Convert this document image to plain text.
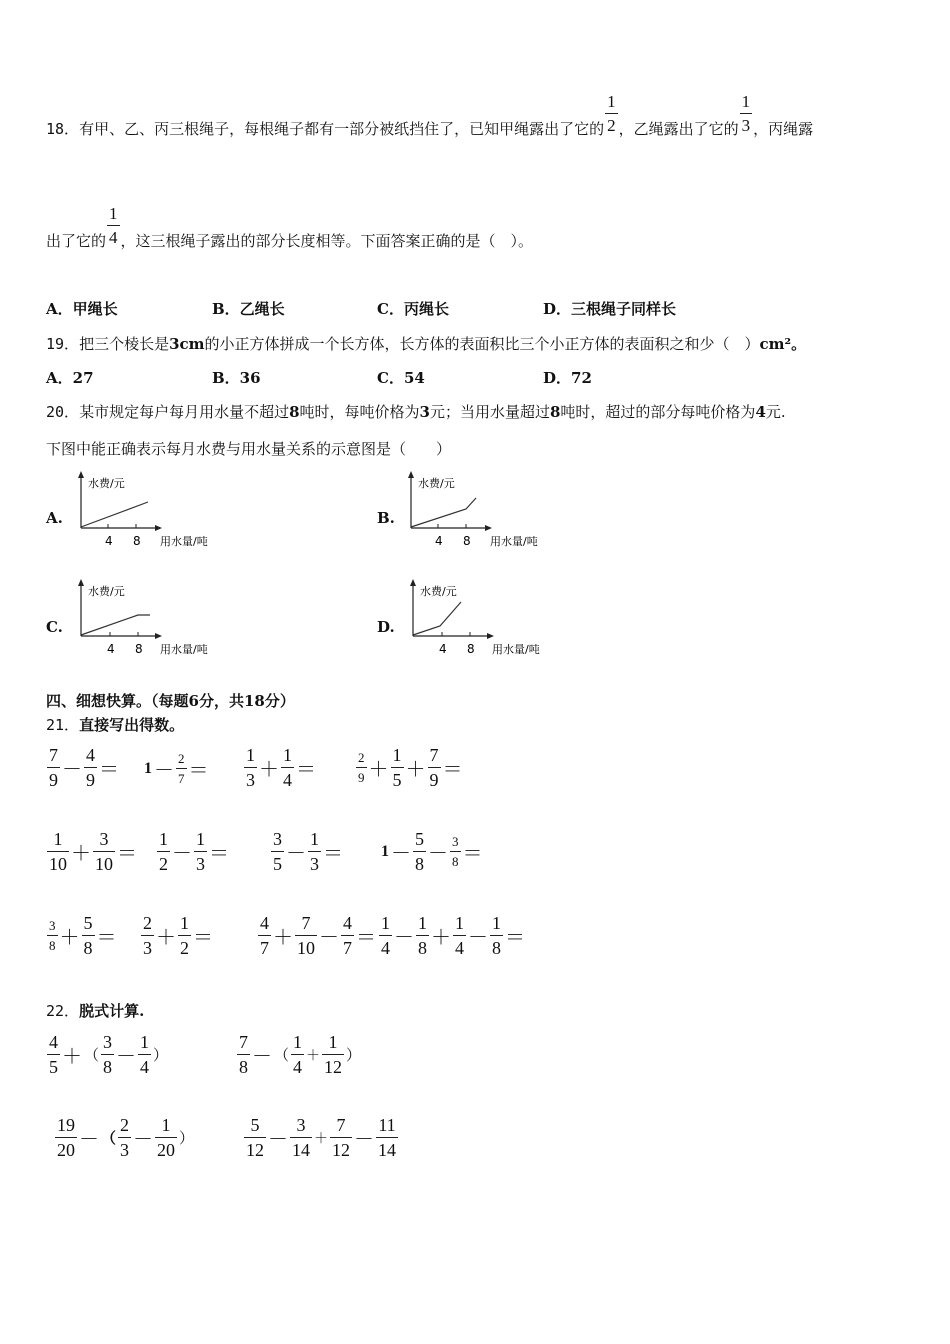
18． 有甲、乙、丙三根绳子，每根绳子都有一部分被纸挡住了，已知甲绳露出了它的 $\frac{1}{2}$ ，乙绳露出了它的 $\frac{1}{3}$ ，丙绳露
出了它的 $\frac{1}{4}$ ，这三根绳子露出的部分长度相等。下面答案正确的是（　）。
A．甲绳长	B．乙绳长	C．丙绳长	D．三根绳子同样长
19．把三个棱长是3cm的小正方体拼成一个长方体，长方体的表面积比三个小正方体的表面积之和少（　）cm²。
A．27	B．36	C．54	D．72
20．某市规定每户每月用水量不超过8吨时，每吨价格为3元；当用水量超过8吨时，超过的部分每吨价格为4元.
下图中能正确表示每月水费与用水量关系的示意图是（　　）
A.	B.
C.	D.
水费/元
4 8 用水量/吨
水费/元
4 8 用水量/吨
水费/元
4 8 用水量/吨
水费/元
4 8 用水量/吨
四、细想快算。（每题6分，共18分）
21．直接写出得数。
$\frac{7}{9} - \frac{4}{9} = 1 - \frac{2}{7} = \frac{1}{3} + \frac{1}{4}$ ＝	$\frac{2}{9} + \frac{1}{5} + \frac{7}{9}$ ＝
$\frac{1}{10} + \frac{3}{10} = \frac{1}{2} - \frac{1}{3} = \frac{3}{5} - \frac{1}{3} = 1 - \frac{5}{8} - \frac{3}{8}$ ＝
$\frac{3}{8} + \frac{5}{8} = \frac{2}{3} + \frac{1}{2}$ ＝	$\frac{4}{7} + \frac{7}{10} - \frac{4}{7} = \frac{1}{4} - \frac{1}{8} + \frac{1}{4} - \frac{1}{8}$ ＝
22．脱式计算.
$\frac{4}{5}$ ＋ （ $\frac{3}{8} - \frac{1}{4}$ ）	$\frac{7}{8}$ － （ $\frac{1}{4} + \frac{1}{12}$ ）
$\frac{19}{20}$ － （ $\frac{2}{3} - \frac{1}{20}$ ）	$\frac{5}{12} - \frac{3}{14} + \frac{7}{12} - \frac{11}{14}$
